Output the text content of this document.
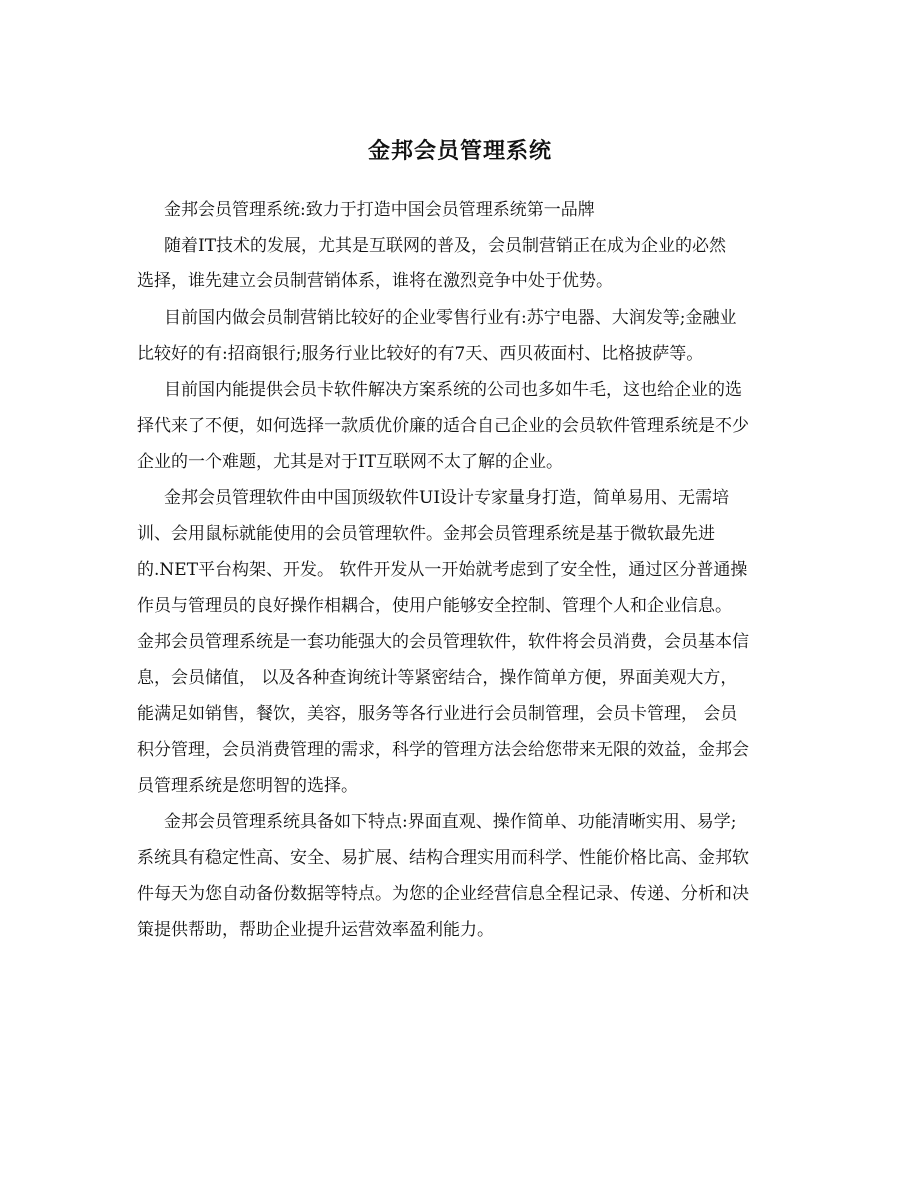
金邦会员管理系统
金邦会员管理系统:致力于打造中国会员管理系统第一品牌
随着IT技术的发展，尤其是互联网的普及，会员制营销正在成为企业的必然
选择，谁先建立会员制营销体系，谁将在激烈竞争中处于优势。
目前国内做会员制营销比较好的企业零售行业有:苏宁电器、大润发等;金融业
比较好的有:招商银行;服务行业比较好的有7天、西贝莜面村、比格披萨等。
目前国内能提供会员卡软件解决方案系统的公司也多如牛毛，这也给企业的选
择代来了不便，如何选择一款质优价廉的适合自己企业的会员软件管理系统是不少
企业的一个难题，尤其是对于IT互联网不太了解的企业。
金邦会员管理软件由中国顶级软件UI设计专家量身打造，简单易用、无需培
训、会用鼠标就能使用的会员管理软件。金邦会员管理系统是基于微软最先进
的.NET平台构架、开发。 软件开发从一开始就考虑到了安全性，通过区分普通操
作员与管理员的良好操作相耦合，使用户能够安全控制、管理个人和企业信息。
金邦会员管理系统是一套功能强大的会员管理软件，软件将会员消费，会员基本信
息，会员储值， 以及各种查询统计等紧密结合，操作简单方便，界面美观大方，
能满足如销售，餐饮，美容，服务等各行业进行会员制管理，会员卡管理， 会员
积分管理，会员消费管理的需求，科学的管理方法会给您带来无限的效益，金邦会
员管理系统是您明智的选择。
金邦会员管理系统具备如下特点:界面直观、操作简单、功能清晰实用、易学;
系统具有稳定性高、安全、易扩展、结构合理实用而科学、性能价格比高、金邦软
件每天为您自动备份数据等特点。为您的企业经营信息全程记录、传递、分析和决
策提供帮助，帮助企业提升运营效率盈利能力。
